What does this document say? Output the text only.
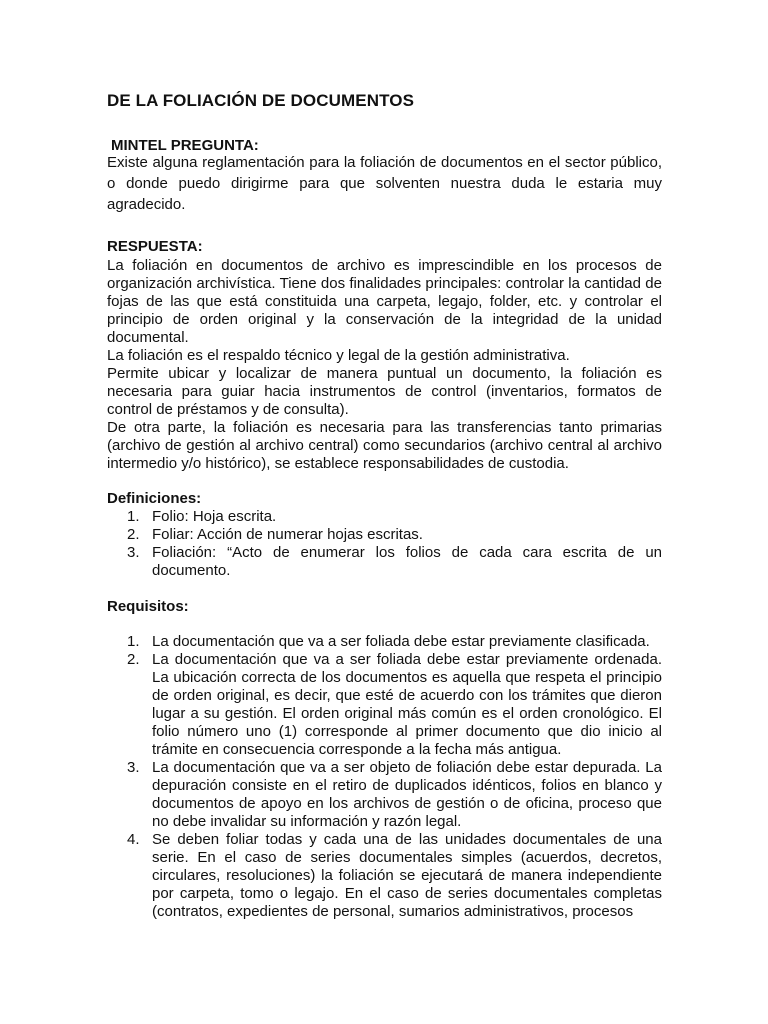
DE LA FOLIACIÓN DE DOCUMENTOS
MINTEL PREGUNTA:

Existe alguna reglamentación para la foliación de documentos en el sector público, o donde puedo dirigirme para que solventen nuestra duda le estaria muy agradecido.

RESPUESTA:

La foliación en documentos de archivo es imprescindible en los procesos de organización archivística. Tiene dos finalidades principales: controlar la cantidad de fojas de las que está constituida una carpeta, legajo, folder, etc. y controlar el principio de orden original y la conservación de la integridad de la unidad documental.

La foliación es el respaldo técnico y legal de la gestión administrativa.

Permite ubicar y localizar de manera puntual un documento, la foliación es necesaria para guiar hacia instrumentos de control (inventarios, formatos de control de préstamos y de consulta).

De otra parte, la foliación es necesaria para las transferencias tanto primarias (archivo de gestión al archivo central) como secundarios (archivo central al archivo intermedio y/o histórico), se establece responsabilidades de custodia.

Definiciones:
1. Folio: Hoja escrita.
2. Foliar: Acción de numerar hojas escritas.
3. Foliación: “Acto de enumerar los folios de cada cara escrita de un documento.
Requisitos:
1. La documentación que va a ser foliada debe estar previamente clasificada.
2. La documentación que va a ser foliada debe estar previamente ordenada. La ubicación correcta de los documentos es aquella que respeta el principio de orden original, es decir, que esté de acuerdo con los trámites que dieron lugar a su gestión. El orden original más común es el orden cronológico. El folio número uno (1) corresponde al primer documento que dio inicio al trámite en consecuencia corresponde a la fecha más antigua.
3. La documentación que va a ser objeto de foliación debe estar depurada. La depuración consiste en el retiro de duplicados idénticos, folios en blanco y documentos de apoyo en los archivos de gestión o de oficina, proceso que no debe invalidar su información y razón legal.
4. Se deben foliar todas y cada una de las unidades documentales de una serie. En el caso de series documentales simples (acuerdos, decretos, circulares, resoluciones) la foliación se ejecutará de manera independiente por carpeta, tomo o legajo. En el caso de series documentales completas (contratos, expedientes de personal, sumarios administrativos, procesos
